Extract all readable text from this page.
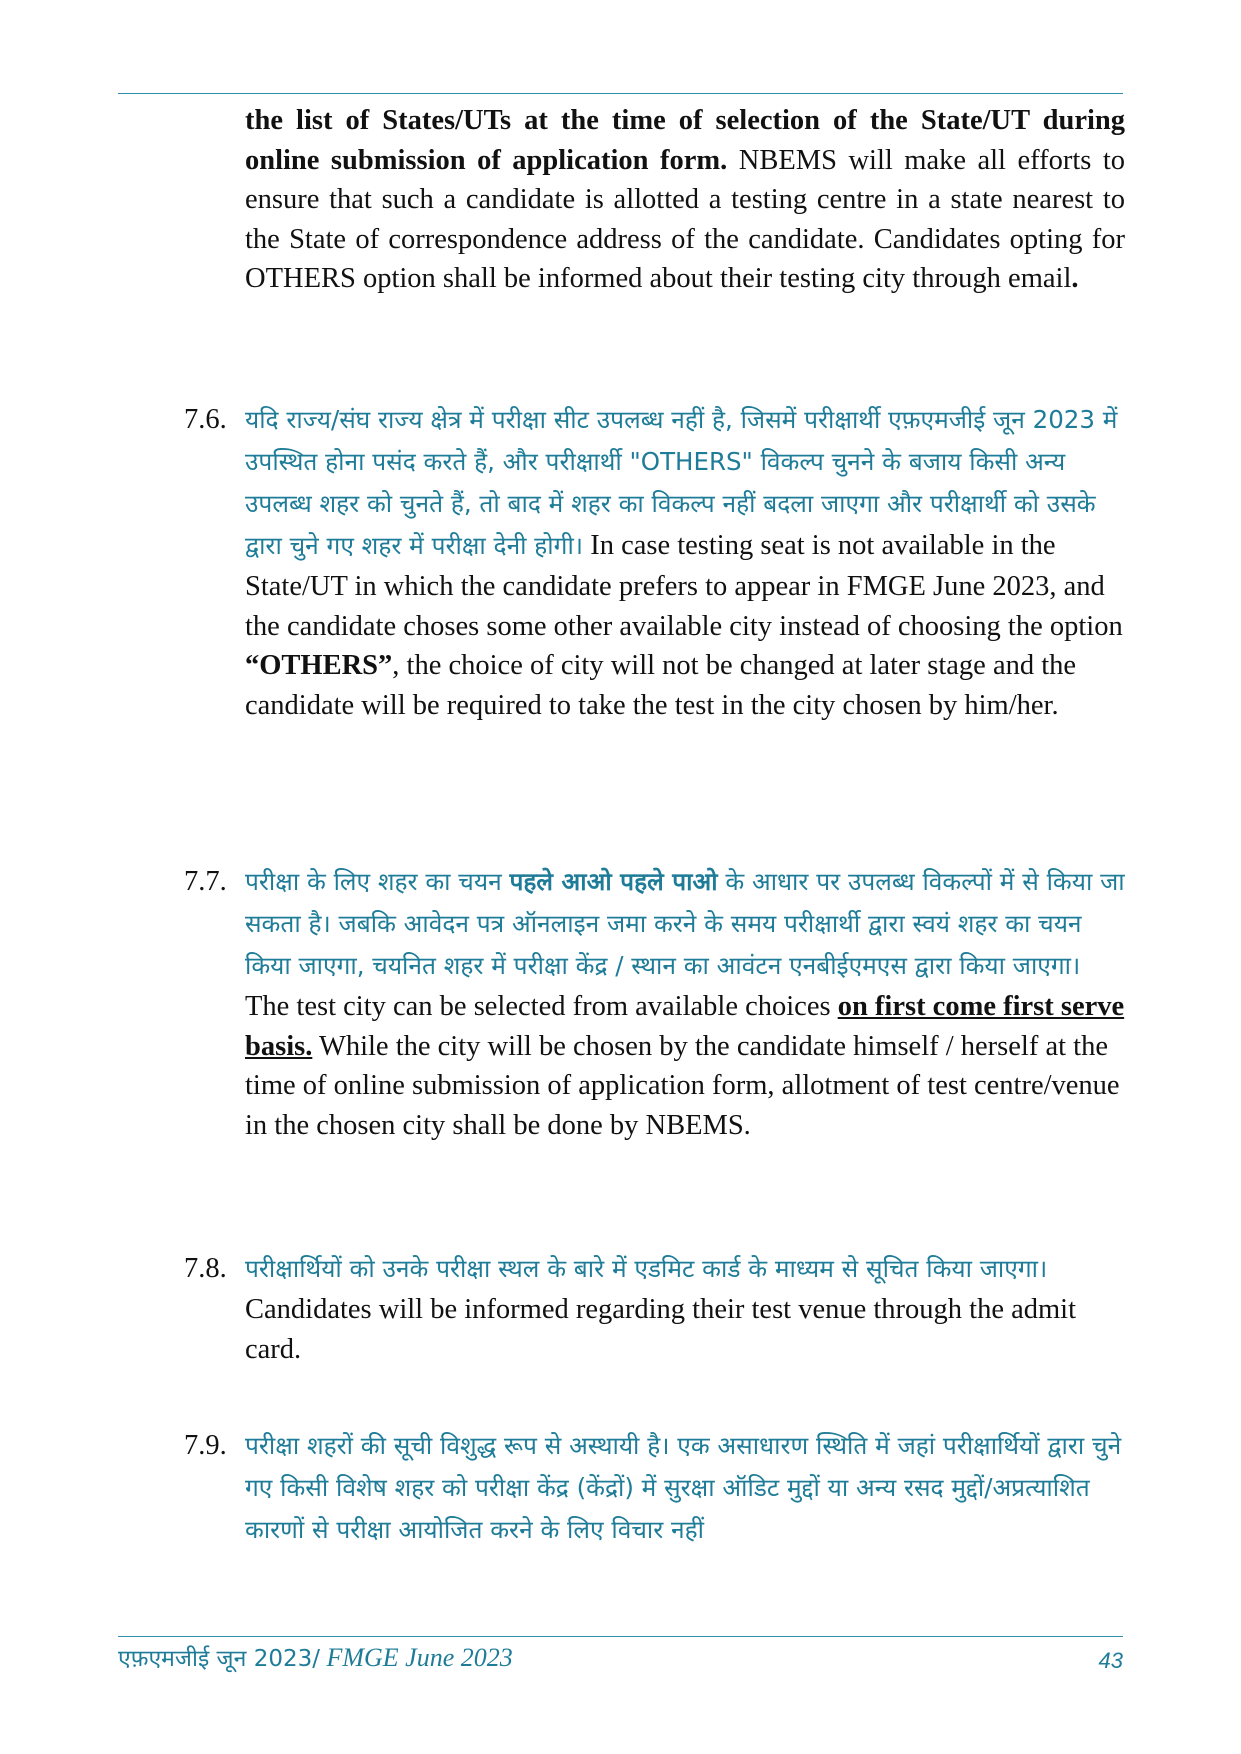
the list of States/UTs at the time of selection of the State/UT during online submission of application form. NBEMS will make all efforts to ensure that such a candidate is allotted a testing centre in a state nearest to the State of correspondence address of the candidate. Candidates opting for OTHERS option shall be informed about their testing city through email.
7.6. यदि राज्य/संघ राज्य क्षेत्र में परीक्षा सीट उपलब्ध नहीं है, जिसमें परीक्षार्थी एफ़एमजीई जून 2023 में उपस्थित होना पसंद करते हैं, और परीक्षार्थी "OTHERS" विकल्प चुनने के बजाय किसी अन्य उपलब्ध शहर को चुनते हैं, तो बाद में शहर का विकल्प नहीं बदला जाएगा और परीक्षार्थी को उसके द्वारा चुने गए शहर में परीक्षा देनी होगी। In case testing seat is not available in the State/UT in which the candidate prefers to appear in FMGE June 2023, and the candidate choses some other available city instead of choosing the option “OTHERS”, the choice of city will not be changed at later stage and the candidate will be required to take the test in the city chosen by him/her.
7.7. परीक्षा के लिए शहर का चयन पहले आओ पहले पाओ के आधार पर उपलब्ध विकल्पों में से किया जा सकता है। जबकि आवेदन पत्र ऑनलाइन जमा करने के समय परीक्षार्थी द्वारा स्वयं शहर का चयन किया जाएगा, चयनित शहर में परीक्षा केंद्र / स्थान का आवंटन एनबीईएमएस द्वारा किया जाएगा। The test city can be selected from available choices on first come first serve basis. While the city will be chosen by the candidate himself / herself at the time of online submission of application form, allotment of test centre/venue in the chosen city shall be done by NBEMS.
7.8. परीक्षार्थियों को उनके परीक्षा स्थल के बारे में एडमिट कार्ड के माध्यम से सूचित किया जाएगा। Candidates will be informed regarding their test venue through the admit card.
7.9. परीक्षा शहरों की सूची विशुद्ध रूप से अस्थायी है। एक असाधारण स्थिति में जहां परीक्षार्थियों द्वारा चुने गए किसी विशेष शहर को परीक्षा केंद्र (केंद्रों) में सुरक्षा ऑडिट मुद्दों या अन्य रसद मुद्दों/अप्रत्याशित कारणों से परीक्षा आयोजित करने के लिए विचार नहीं
एफ़एमजीई जून 2023/ FMGE June 2023	43
